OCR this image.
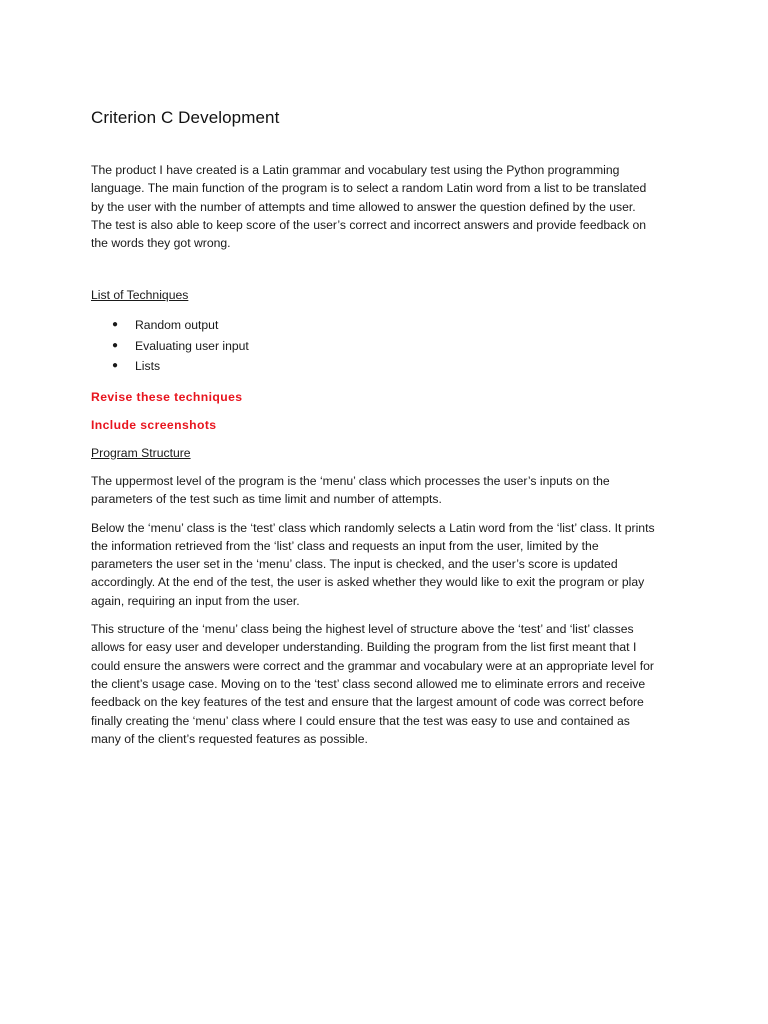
Criterion C Development

The product I have created is a Latin grammar and vocabulary test using the Python programming language. The main function of the program is to select a random Latin word from a list to be translated by the user with the number of attempts and time allowed to answer the question defined by the user. The test is also able to keep score of the user’s correct and incorrect answers and provide feedback on the words they got wrong.

List of Techniques
● Random output
● Evaluating user input
● Lists
Revise these techniques
Include screenshots
Program Structure

The uppermost level of the program is the ‘menu’ class which processes the user’s inputs on the parameters of the test such as time limit and number of attempts.

Below the ‘menu’ class is the ‘test’ class which randomly selects a Latin word from the ‘list’ class. It prints the information retrieved from the ‘list’ class and requests an input from the user, limited by the parameters the user set in the ‘menu’ class. The input is checked, and the user’s score is updated accordingly. At the end of the test, the user is asked whether they would like to exit the program or play again, requiring an input from the user.

This structure of the ‘menu’ class being the highest level of structure above the ‘test’ and ‘list’ classes allows for easy user and developer understanding. Building the program from the list first meant that I could ensure the answers were correct and the grammar and vocabulary were at an appropriate level for the client’s usage case. Moving on to the ‘test’ class second allowed me to eliminate errors and receive feedback on the key features of the test and ensure that the largest amount of code was correct before finally creating the ‘menu’ class where I could ensure that the test was easy to use and contained as many of the client’s requested features as possible.
